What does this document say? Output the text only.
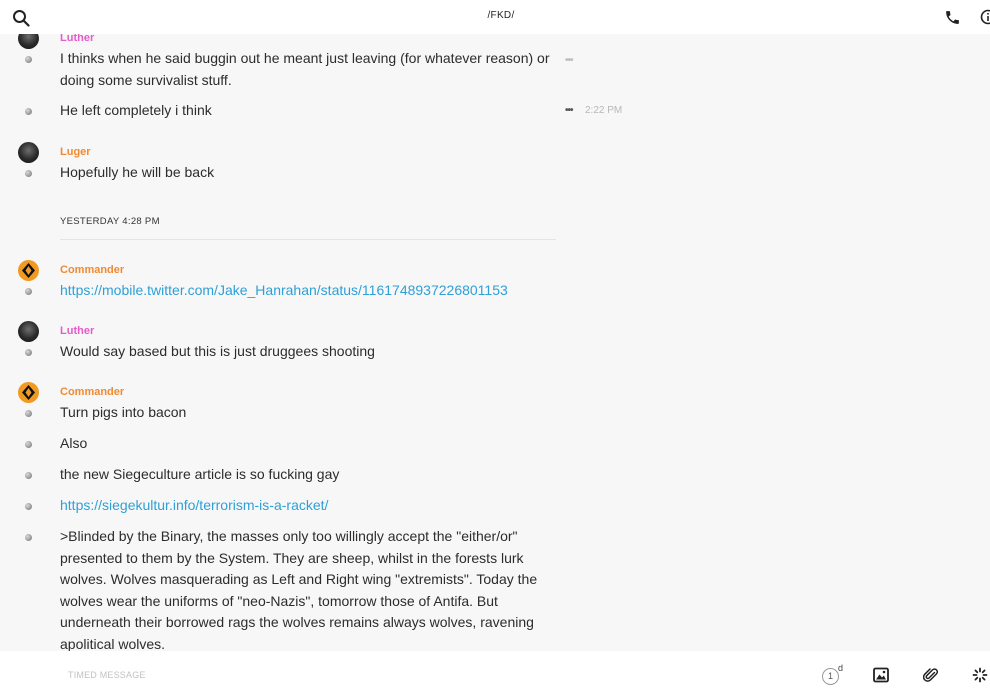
/FKD/
Luther
I thinks when he said buggin out he meant just leaving (for whatever reason) or doing some survivalist stuff.
•••
He left completely i think	••• 2:22 PM
Luger
Hopefully he will be back
YESTERDAY 4:28 PM
Commander
https://mobile.twitter.com/Jake_Hanrahan/status/1161748937226801153
Luther
Would say based but this is just druggees shooting
Commander
Turn pigs into bacon
Also
the new Siegeculture article is so fucking gay
https://siegekultur.info/terrorism-is-a-racket/
>Blinded by the Binary, the masses only too willingly accept the "either/or" presented to them by the System. They are sheep, whilst in the forests lurk wolves. Wolves masquerading as Left and Right wing "extremists". Today the wolves wear the uniforms of "neo-Nazis", tomorrow those of Antifa. But underneath their borrowed rags the wolves remains always wolves, ravening apolitical wolves.
TIMED MESSAGE	1
d
